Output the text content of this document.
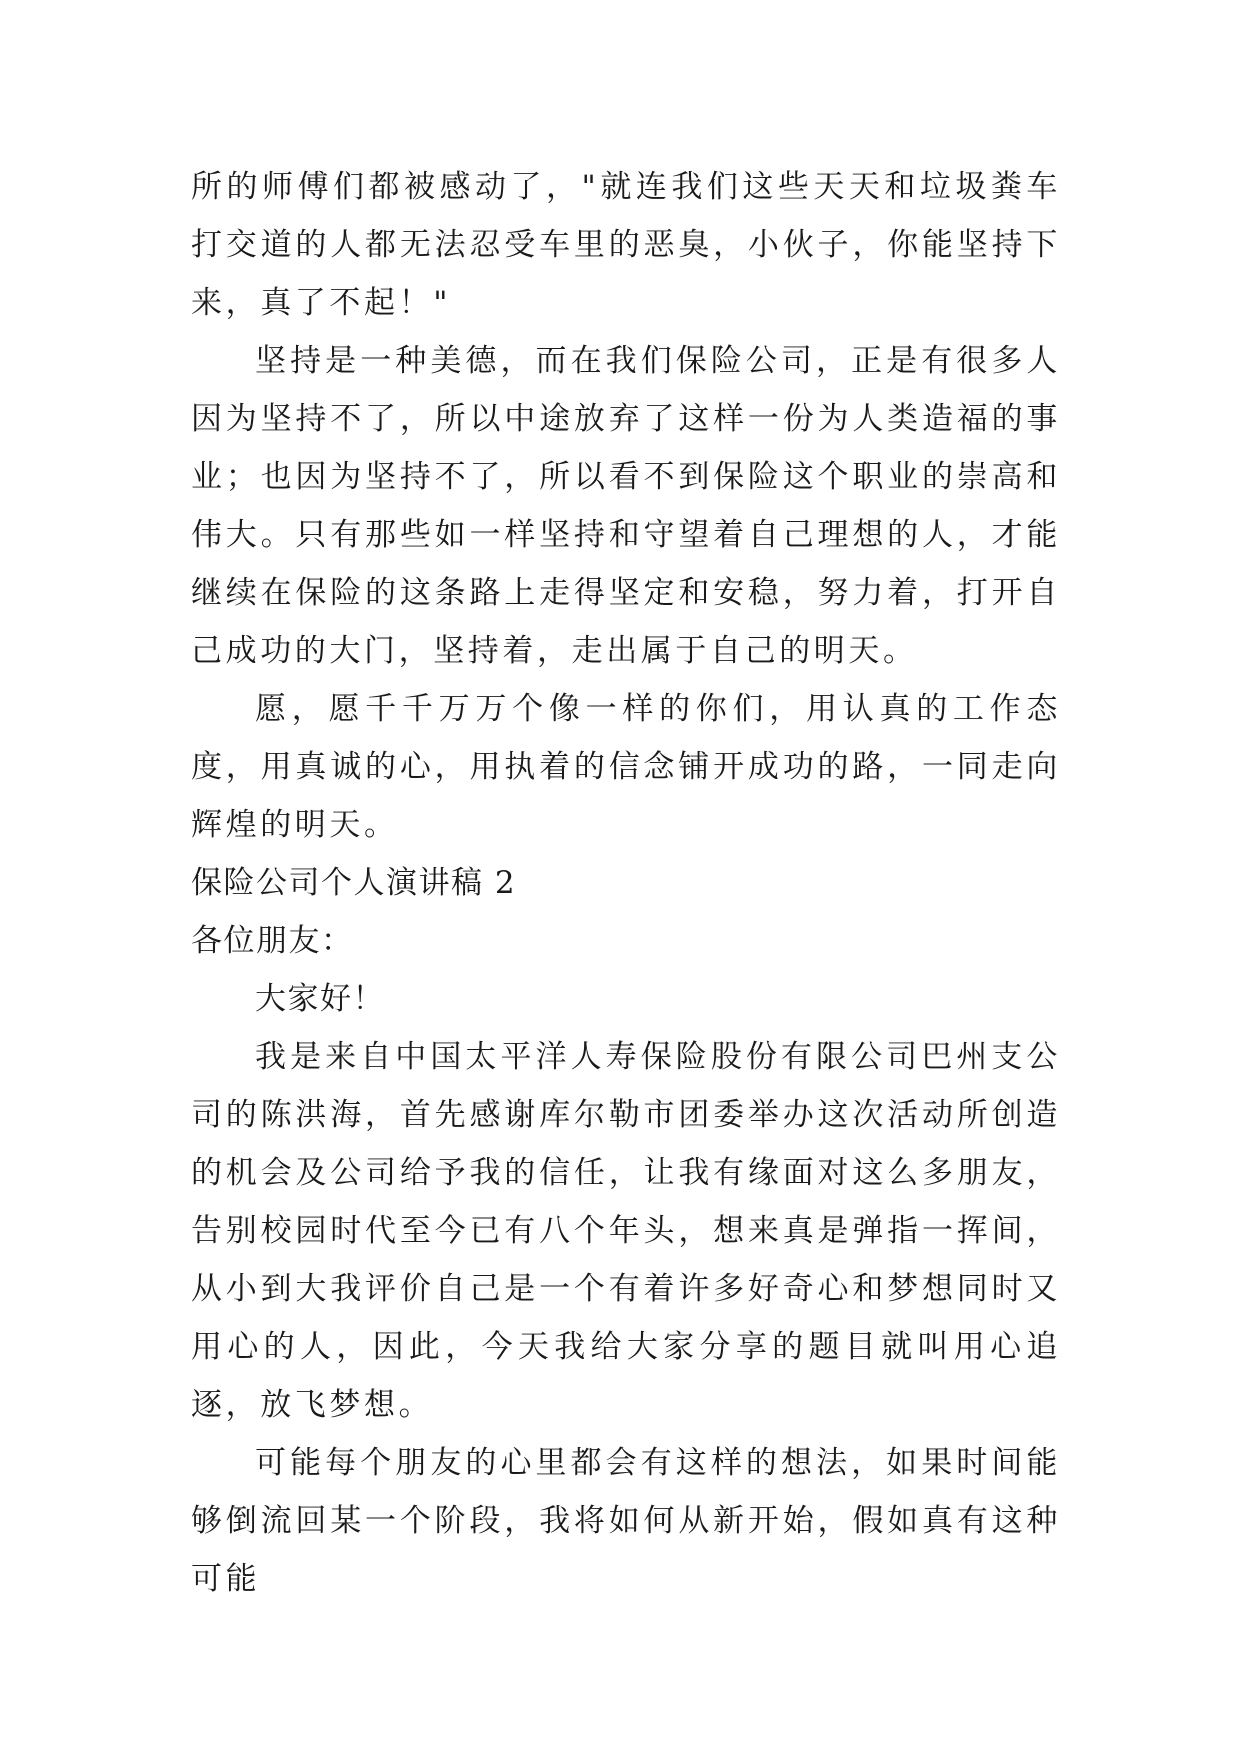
所的师傅们都被感动了，"就连我们这些天天和垃圾粪车打交道的人都无法忍受车里的恶臭，小伙子，你能坚持下来，真了不起！"

坚持是一种美德，而在我们保险公司，正是有很多人因为坚持不了，所以中途放弃了这样一份为人类造福的事业；也因为坚持不了，所以看不到保险这个职业的崇高和伟大。只有那些如一样坚持和守望着自己理想的人，才能继续在保险的这条路上走得坚定和安稳，努力着，打开自己成功的大门，坚持着，走出属于自己的明天。

愿，愿千千万万个像一样的你们，用认真的工作态度，用真诚的心，用执着的信念铺开成功的路，一同走向辉煌的明天。

保险公司个人演讲稿 2

各位朋友：

大家好！

我是来自中国太平洋人寿保险股份有限公司巴州支公司的陈洪海，首先感谢库尔勒市团委举办这次活动所创造的机会及公司给予我的信任，让我有缘面对这么多朋友，告别校园时代至今已有八个年头，想来真是弹指一挥间，从小到大我评价自己是一个有着许多好奇心和梦想同时又用心的人，因此，今天我给大家分享的题目就叫用心追逐，放飞梦想。

可能每个朋友的心里都会有这样的想法，如果时间能够倒流回某一个阶段，我将如何从新开始，假如真有这种可能
